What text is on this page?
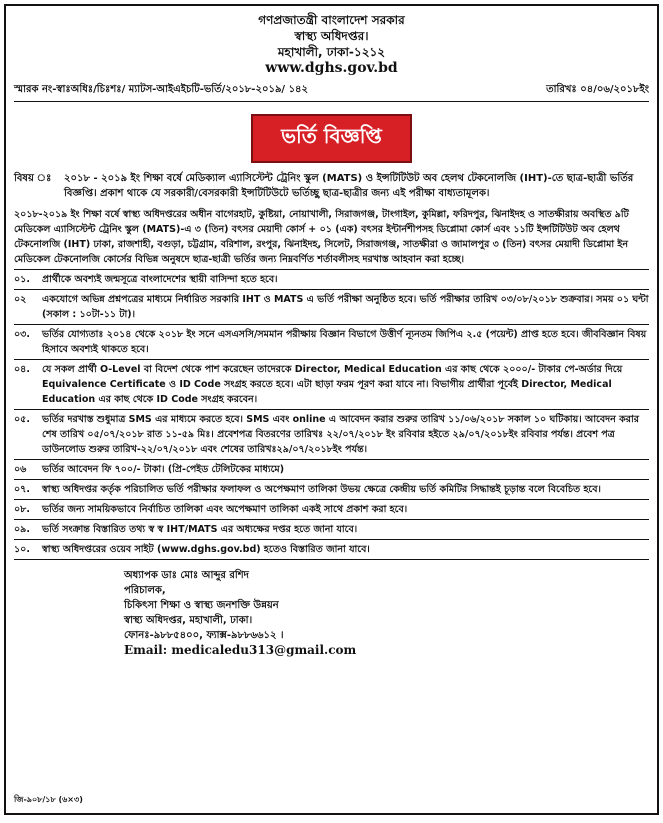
গণপ্রজাতন্ত্রী বাংলাদেশ সরকার
স্বাস্থ্য অধিদপ্তর।
মহাখালী, ঢাকা-১২১২
www.dghs.gov.bd
স্মারক নং-স্বাঃঅধিঃ/চিঃশঃ/ ম্যাটস-আইএইচটি-ভর্তি/২০১৮-২০১৯/ ১৪২	তারিখঃ ০৪/০৬/২০১৮ইং
ভর্তি বিজ্ঞপ্তি
বিষয় ঃ	২০১৮ - ২০১৯ ইং শিক্ষা বর্ষে মেডিক্যাল এ্যাসিস্টেন্ট ট্রেনিং স্কুল (MATS) ও ইন্সটিটিউট অব হেলথ টেকনোলজি (IHT)-তে ছাত্র-ছাত্রী ভর্তির বিজ্ঞপ্তি। প্রকাশ থাকে যে সরকারী/বেসরকারী ইন্সটিটিউটে ভর্তিচ্ছু ছাত্র-ছাত্রীর জন্য এই পরীক্ষা বাধ্যতামূলক।
২০১৮-২০১৯ ইং শিক্ষা বর্ষে স্বাস্থ্য অধিদপ্তরের অধীন বাগেরহাট, কুষ্টিয়া, নোয়াখালী, সিরাজগঞ্জ, টাংগাইল, কুমিল্লা, ফরিদপুর, ঝিনাইদহ ও সাতক্ষীরায় অবস্থিত ৯টি মেডিকেল এ্যাসিস্টেন্ট ট্রেনিং স্কুল (MATS)-এ ৩ (তিন) বৎসর মেয়াদী কোর্স + ০১ (এক) বৎসর ইন্টার্নশীপসহ ডিপ্লোমা কোর্স এবং ১১টি ইন্সটিটিউট অব হেলথ টেকনোলজি (IHT) ঢাকা, রাজশাহী, বগুড়া, চট্টগ্রাম, বরিশাল, রংপুর, ঝিনাইদহ, সিলেট, সিরাজগঞ্জ, সাতক্ষীরা ও জামালপুর ৩ (তিন) বৎসর মেয়াদী ডিপ্লোমা ইন মেডিকেল টেকনোলজি কোর্সের বিভিন্ন অনুষদে ছাত্র-ছাত্রী ভর্তির জন্য নিম্নবর্ণিত শর্তাবলীসহ দরখাস্ত আহবান করা হচ্ছে।
০১.	প্রার্থীকে অবশ্যই জন্মসূত্রে বাংলাদেশের স্থায়ী বাসিন্দা হতে হবে।
০২	একযোগে অভিন্ন প্রশ্নপত্রের মাধ্যমে নির্ধারিত সরকারি IHT ও MATS এ ভর্তি পরীক্ষা অনুষ্ঠিত হবে। ভর্তি পরীক্ষার তারিখ ০৩/০৮/২০১৮ শুক্রবার। সময় ০১ ঘন্টা (সকাল : ১০টা-১১ টা)।
০৩.	ভর্তির যোগ্যতাঃ ২০১৪ থেকে ২০১৮ ইং সনে এসএসসি/সমমান পরীক্ষায় বিজ্ঞান বিভাগে উত্তীর্ণ ন্যূনতম জিপিএ ২.৫ (পয়েন্ট) প্রাপ্ত হতে হবে। জীববিজ্ঞান বিষয় হিসাবে অবশ্যই থাকতে হবে।
০৪.	যে সকল প্রার্থী O-Level বা বিদেশ থেকে পাশ করেছেন তাদেরকে Director, Medical Education এর কাছ থেকে ২০০০/- টাকার পে-অর্ডার দিয়ে Equivalence Certificate ও ID Code সংগ্রহ করতে হবে। এটা ছাড়া ফরম পূরণ করা যাবে না। বিভাগীয় প্রার্থীরা পূর্বেই Director, Medical Education এর কাছ থেকে ID Code সংগ্রহ করবেন।
০৫.	ভর্তির দরখাস্ত শুধুমাত্র SMS এর মাধ্যমে করতে হবে। SMS এবং online এ আবেদন করার শুরুর তারিখ ১১/০৬/২০১৮ সকাল ১০ ঘটিকায়। আবেদন করার শেষ তারিখ ০৫/০৭/২০১৮ রাত ১১-৫৯ মিঃ। প্রবেশপত্র বিতরণের তারিখঃ ২২/০৭/২০১৮ ইং রবিবার হইতে ২৯/০৭/২০১৮ইং রবিবার পর্যন্ত। প্রবেশ পত্র ডাউনলোড শুরুর তারিখ-২২/০৭/২০১৮ এবং শেষের তারিখঃ২৯/০৭/২০১৮ইং পর্যন্ত।
০৬	ভর্তির আবেদন ফি ৭০০/- টাকা। (প্রি-পেইড টেলিটকের মাধ্যমে)
০৭.	স্বাস্থ্য অধিদপ্তর কর্তৃক পরিচালিত ভর্তি পরীক্ষার ফলাফল ও অপেক্ষমাণ তালিকা উভয় ক্ষেত্রে কেন্দ্রীয় ভর্তি কমিটির সিদ্ধান্তই চূড়ান্ত বলে বিবেচিত হবে।
০৮.	ভর্তির জন্য সাময়িকভাবে নির্বাচিত তালিকা এবং অপেক্ষমাণ তালিকা একই সাথে প্রকাশ করা হবে।
০৯.	ভর্তি সংক্রান্ত বিস্তারিত তথ্য স্ব স্ব IHT/MATS এর অধ্যক্ষের দপ্তর হতে জানা যাবে।
১০.	স্বাস্থ্য অধিদপ্তরের ওয়েব সাইট (www.dghs.gov.bd) হতেও বিস্তারিত জানা যাবে।
অধ্যাপক ডাঃ মোঃ আব্দুর রশিদ
পরিচালক,
চিকিৎসা শিক্ষা ও স্বাস্থ্য জনশক্তি উন্নয়ন
স্বাস্থ্য অধিদপ্তর, মহাখালী, ঢাকা।
ফোনঃ-৯৮৮৫৪০০, ফ্যাক্স-৯৮৮৬৬১২ ।
Email: medicaledu313@gmail.com
জি-৯০৮/১৮ (৬×৩)
